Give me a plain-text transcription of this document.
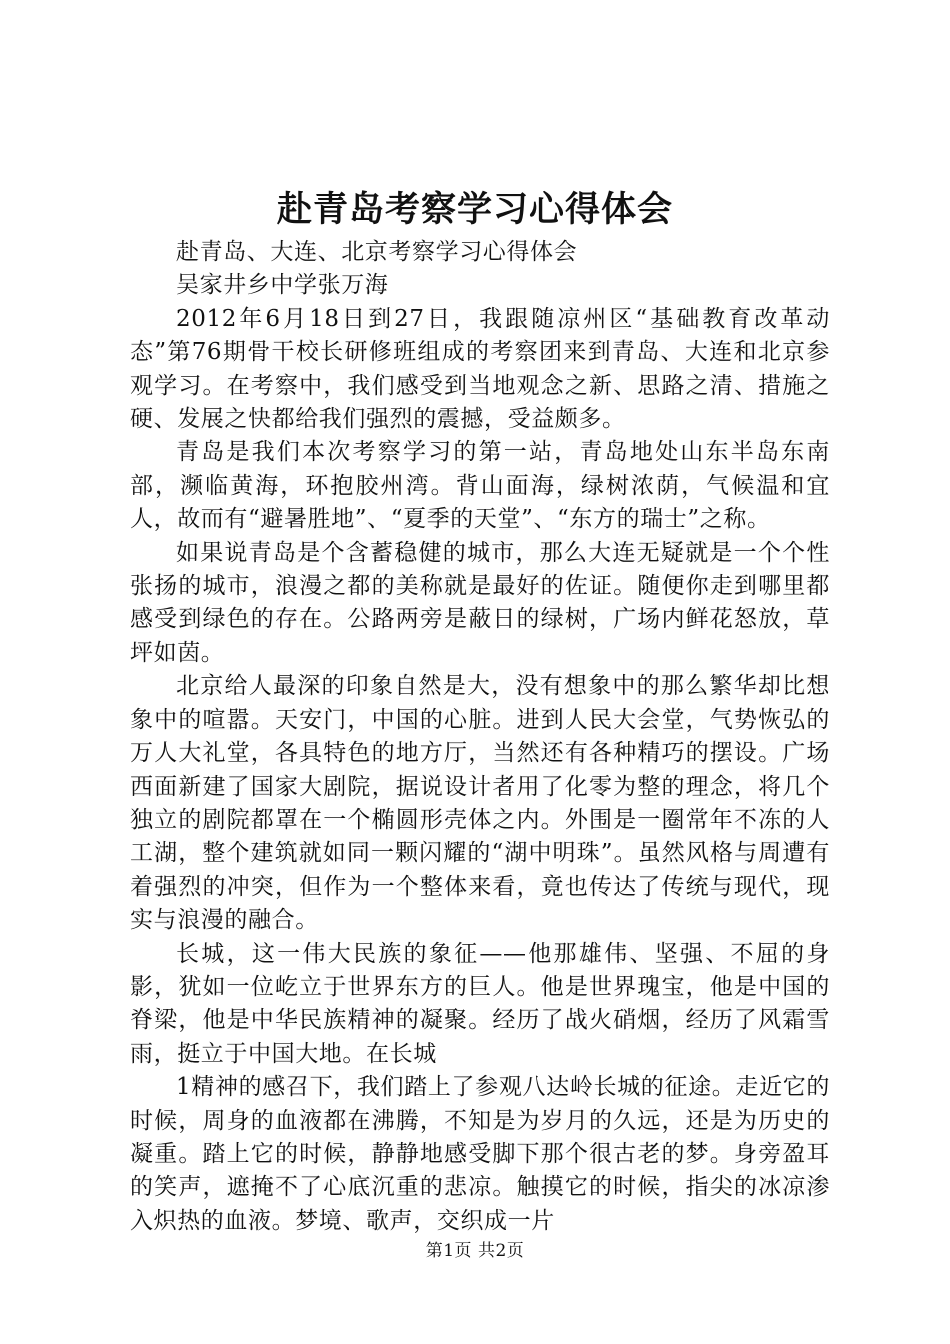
赴青岛考察学习心得体会

赴青岛、大连、北京考察学习心得体会

吴家井乡中学张万海

2012年6月18日到27日，我跟随凉州区“基础教育改革动态”第76期骨干校长研修班组成的考察团来到青岛、大连和北京参观学习。在考察中，我们感受到当地观念之新、思路之清、措施之硬、发展之快都给我们强烈的震撼，受益颇多。

青岛是我们本次考察学习的第一站，青岛地处山东半岛东南部，濒临黄海，环抱胶州湾。背山面海，绿树浓荫，气候温和宜人，故而有“避暑胜地”、“夏季的天堂”、“东方的瑞士”之称。

如果说青岛是个含蓄稳健的城市，那么大连无疑就是一个个性张扬的城市，浪漫之都的美称就是最好的佐证。随便你走到哪里都感受到绿色的存在。公路两旁是蔽日的绿树，广场内鲜花怒放，草坪如茵。

北京给人最深的印象自然是大，没有想象中的那么繁华却比想象中的喧嚣。天安门，中国的心脏。进到人民大会堂，气势恢弘的万人大礼堂，各具特色的地方厅，当然还有各种精巧的摆设。广场西面新建了国家大剧院，据说设计者用了化零为整的理念，将几个独立的剧院都罩在一个椭圆形壳体之内。外围是一圈常年不冻的人工湖，整个建筑就如同一颗闪耀的“湖中明珠”。虽然风格与周遭有着强烈的冲突，但作为一个整体来看，竟也传达了传统与现代，现实与浪漫的融合。

长城，这一伟大民族的象征——他那雄伟、坚强、不屈的身影，犹如一位屹立于世界东方的巨人。他是世界瑰宝，他是中国的脊梁，他是中华民族精神的凝聚。经历了战火硝烟，经历了风霜雪雨，挺立于中国大地。在长城

1精神的感召下，我们踏上了参观八达岭长城的征途。走近它的时候，周身的血液都在沸腾，不知是为岁月的久远，还是为历史的凝重。踏上它的时候，静静地感受脚下那个很古老的梦。身旁盈耳的笑声，遮掩不了心底沉重的悲凉。触摸它的时候，指尖的冰凉渗入炽热的血液。梦境、歌声，交织成一片

第1页 共2页
